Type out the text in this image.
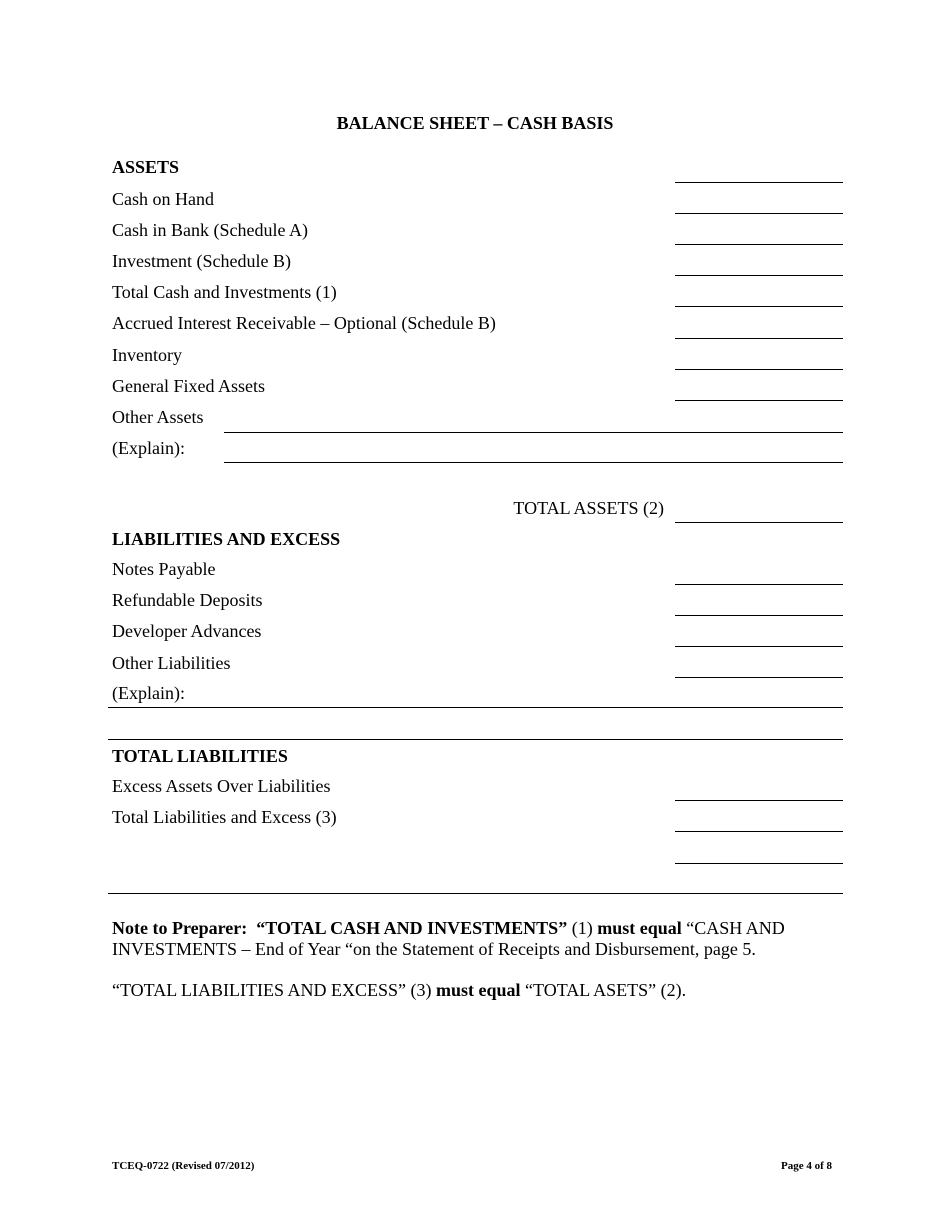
BALANCE SHEET – CASH BASIS
ASSETS
Cash on Hand
Cash in Bank (Schedule A)
Investment (Schedule B)
Total Cash and Investments (1)
Accrued Interest Receivable – Optional (Schedule B)
Inventory
General Fixed Assets
Other Assets
(Explain):
TOTAL ASSETS (2)
LIABILITIES AND EXCESS
Notes Payable
Refundable Deposits
Developer Advances
Other Liabilities
(Explain):
TOTAL LIABILITIES
Excess Assets Over Liabilities
Total Liabilities and Excess (3)
Note to Preparer: “TOTAL CASH AND INVESTMENTS” (1) must equal “CASH AND INVESTMENTS – End of Year “on the Statement of Receipts and Disbursement, page 5.
“TOTAL LIABILITIES AND EXCESS” (3) must equal “TOTAL ASETS” (2).
TCEQ-0722 (Revised 07/2012)	Page 4 of 8
